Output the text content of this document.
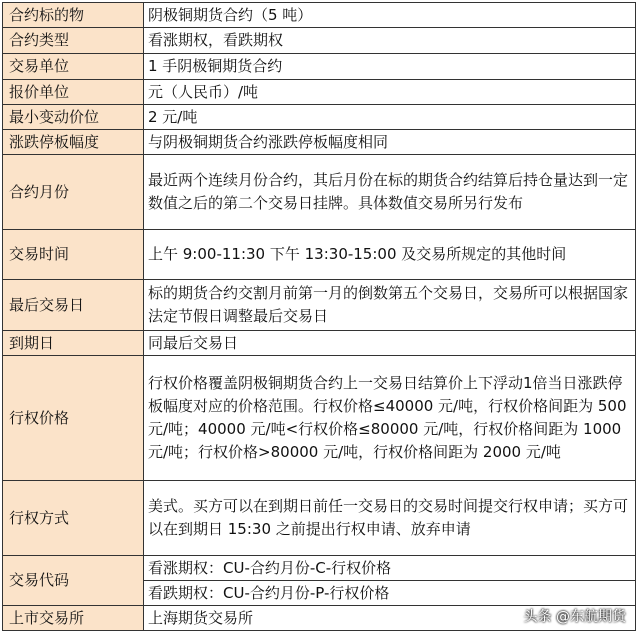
合约标的物	阴极铜期货合约（5 吨）
合约类型	看涨期权，看跌期权
交易单位	1 手阴极铜期货合约
报价单位	元（人民币）/吨
最小变动价位	2 元/吨
涨跌停板幅度	与阴极铜期货合约涨跌停板幅度相同
合约月份	最近两个连续月份合约，其后月份在标的期货合约结算后持仓量达到一定数值之后的第二个交易日挂牌。具体数值交易所另行发布
交易时间	上午 9:00-11:30 下午 13:30-15:00 及交易所规定的其他时间
最后交易日	标的期货合约交割月前第一月的倒数第五个交易日，交易所可以根据国家法定节假日调整最后交易日
到期日	同最后交易日
行权价格	行权价格覆盖阴极铜期货合约上一交易日结算价上下浮动1倍当日涨跌停板幅度对应的价格范围。行权价格≤40000 元/吨，行权价格间距为 500 元/吨；40000 元/吨<行权价格≤80000 元/吨，行权价格间距为 1000 元/吨；行权价格>80000 元/吨，行权价格间距为 2000 元/吨
行权方式	美式。买方可以在到期日前任一交易日的交易时间提交行权申请；买方可以在到期日 15:30 之前提出行权申请、放弃申请
交易代码	看涨期权：CU-合约月份-C-行权价格
	看跌期权：CU-合约月份-P-行权价格
上市交易所	上海期货交易所	头条 @东航期货
